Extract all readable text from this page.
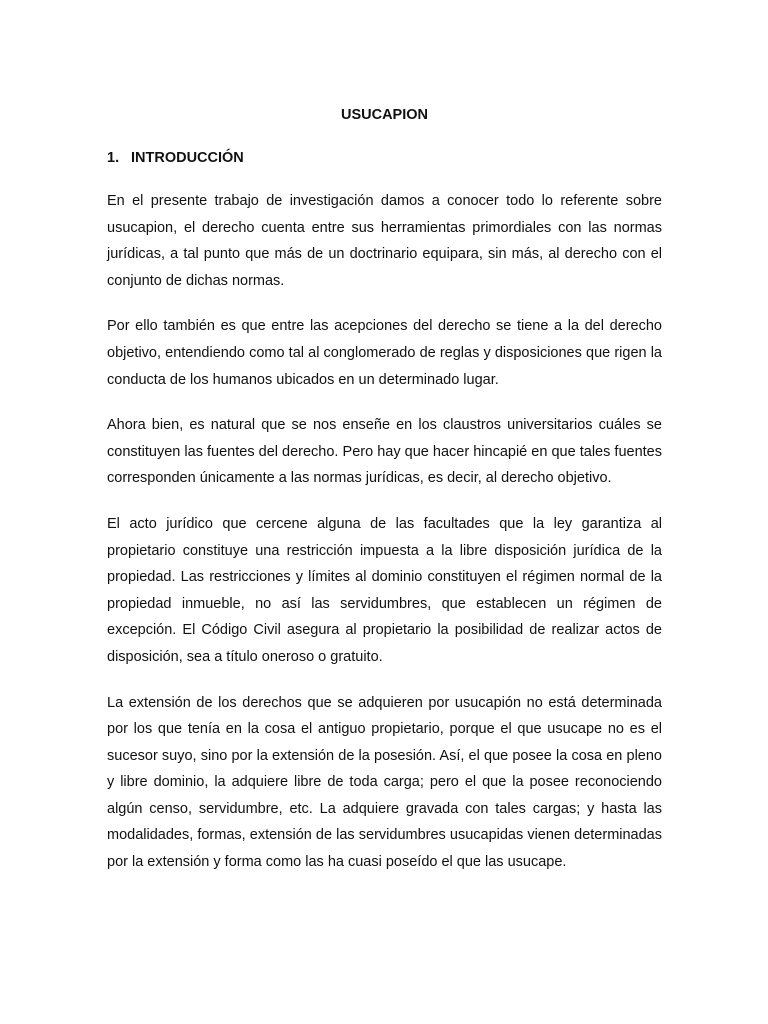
USUCAPION
1. INTRODUCCIÓN

En el presente trabajo de investigación damos a conocer todo lo referente sobre usucapion, el derecho cuenta entre sus herramientas primordiales con las normas jurídicas, a tal punto que más de un doctrinario equipara, sin más, al derecho con el conjunto de dichas normas.

Por ello también es que entre las acepciones del derecho se tiene a la del derecho objetivo, entendiendo como tal al conglomerado de reglas y disposiciones que rigen la conducta de los humanos ubicados en un determinado lugar.

Ahora bien, es natural que se nos enseñe en los claustros universitarios cuáles se constituyen las fuentes del derecho. Pero hay que hacer hincapié en que tales fuentes corresponden únicamente a las normas jurídicas, es decir, al derecho objetivo.

El acto jurídico que cercene alguna de las facultades que la ley garantiza al propietario constituye una restricción impuesta a la libre disposición jurídica de la propiedad. Las restricciones y límites al dominio constituyen el régimen normal de la propiedad inmueble, no así las servidumbres, que establecen un régimen de excepción. El Código Civil asegura al propietario la posibilidad de realizar actos de disposición, sea a título oneroso o gratuito.

La extensión de los derechos que se adquieren por usucapión no está determinada por los que tenía en la cosa el antiguo propietario, porque el que usucape no es el sucesor suyo, sino por la extensión de la posesión. Así, el que posee la cosa en pleno y libre dominio, la adquiere libre de toda carga; pero el que la posee reconociendo algún censo, servidumbre, etc. La adquiere gravada con tales cargas; y hasta las modalidades, formas, extensión de las servidumbres usucapidas vienen determinadas por la extensión y forma como las ha cuasi poseído el que las usucape.
